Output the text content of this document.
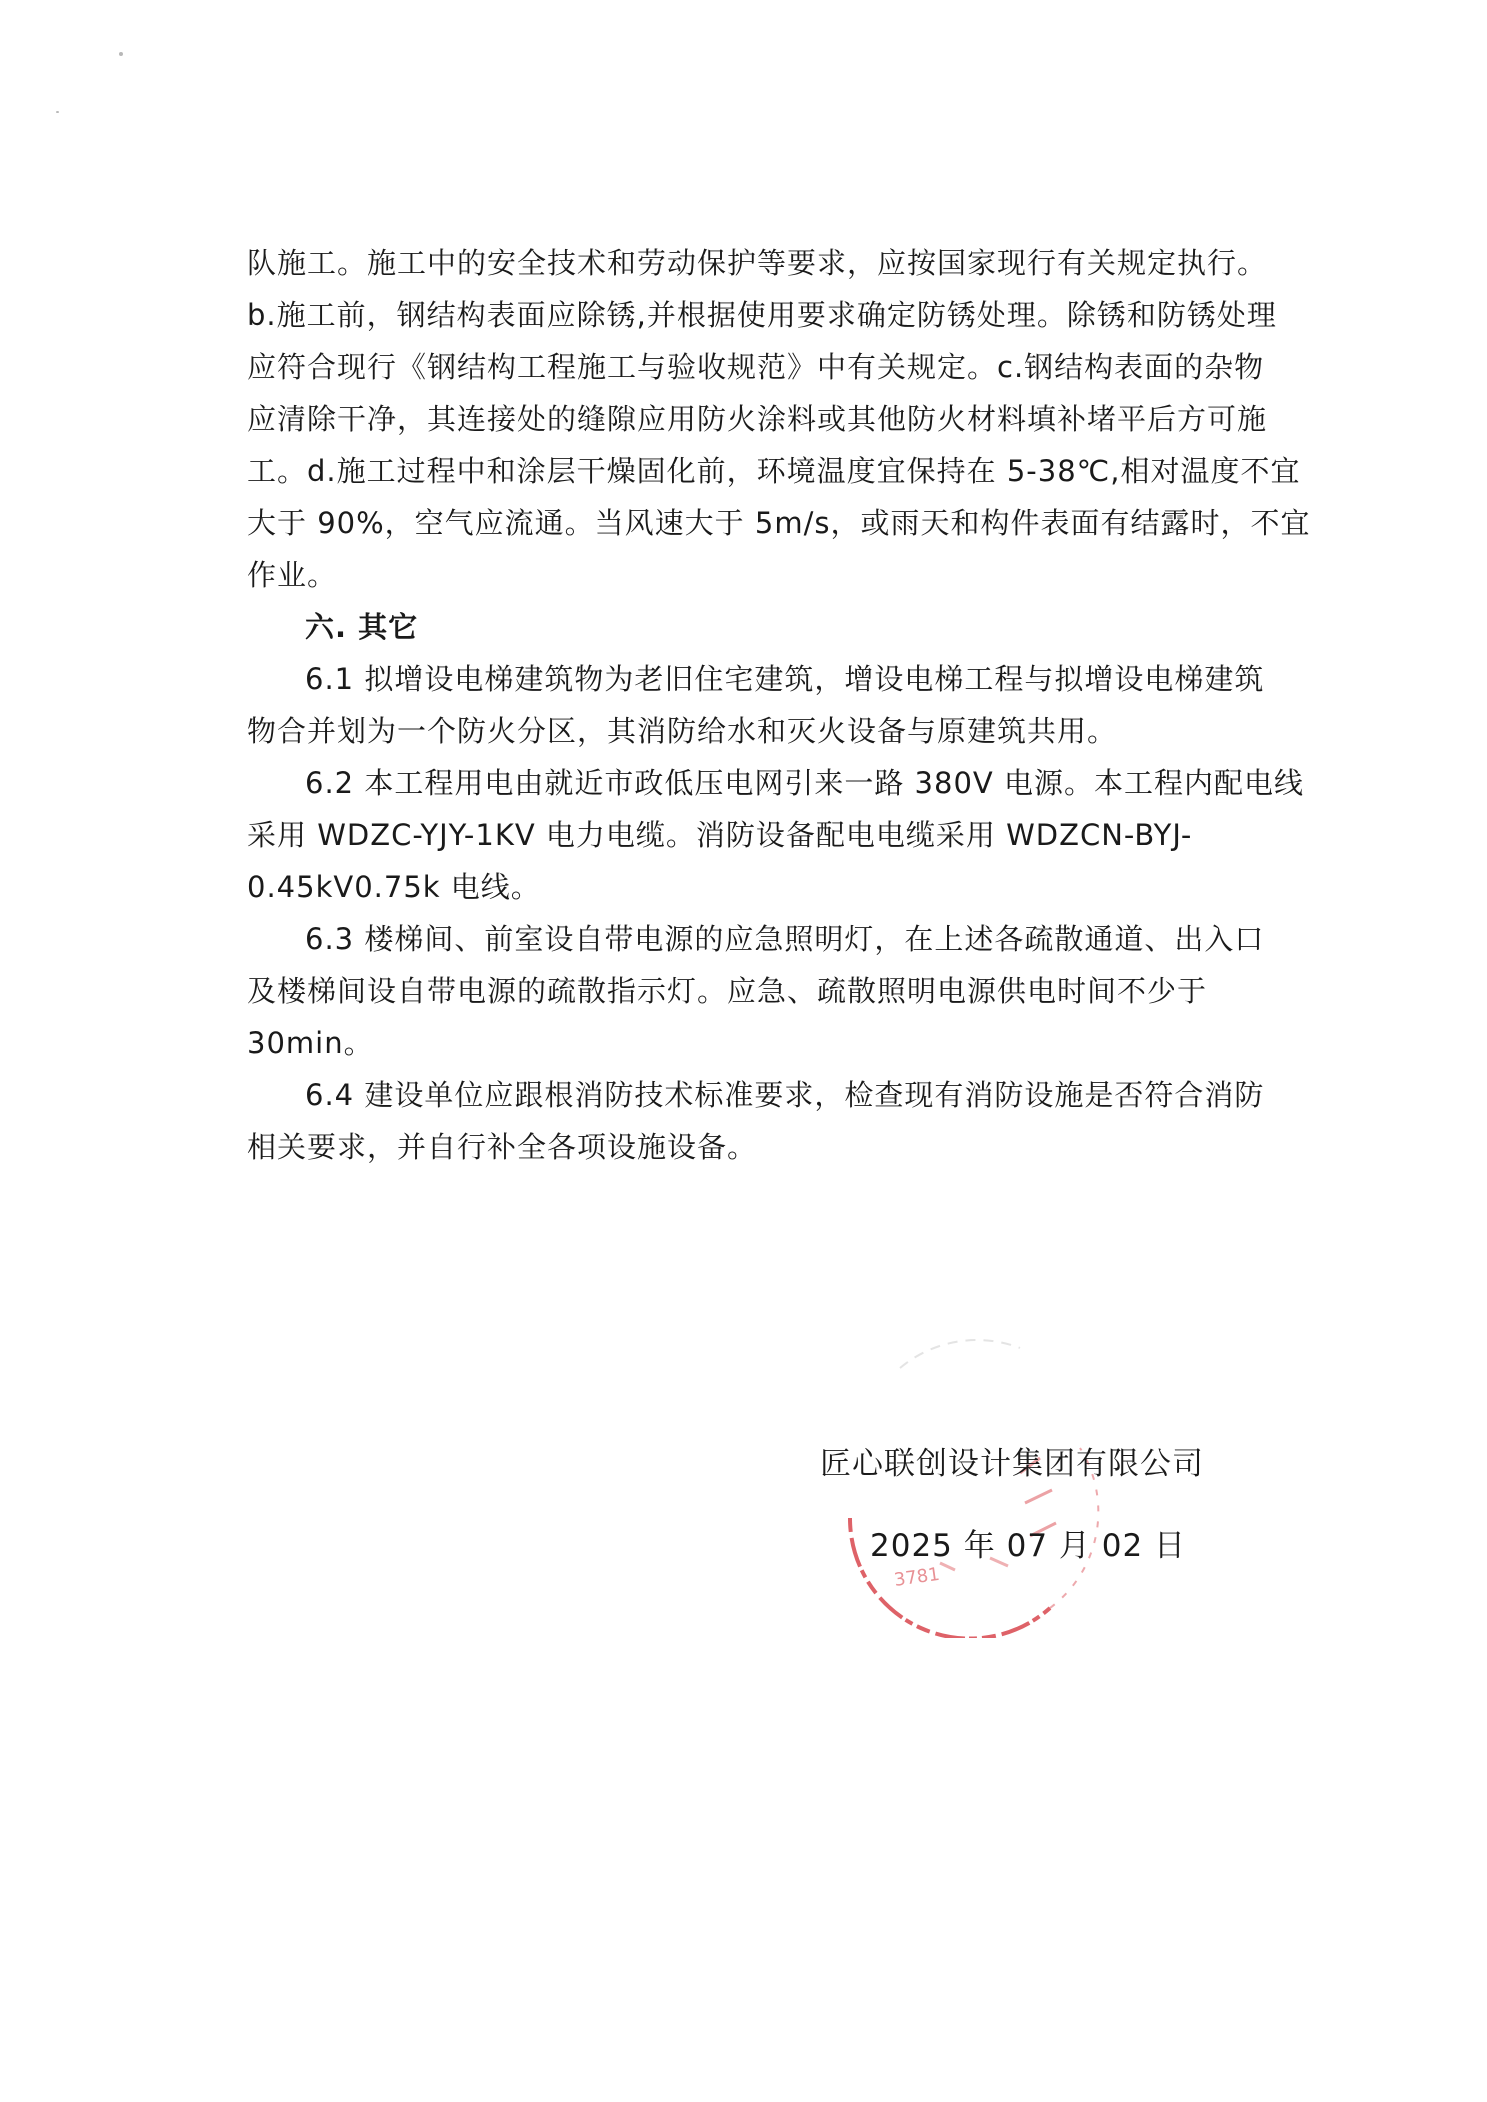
队施工。施工中的安全技术和劳动保护等要求，应按国家现行有关规定执行。
b.施工前，钢结构表面应除锈,并根据使用要求确定防锈处理。除锈和防锈处理
应符合现行《钢结构工程施工与验收规范》中有关规定。c.钢结构表面的杂物
应清除干净，其连接处的缝隙应用防火涂料或其他防火材料填补堵平后方可施
工。d.施工过程中和涂层干燥固化前，环境温度宜保持在 5-38℃,相对温度不宜
大于 90%，空气应流通。当风速大于 5m/s，或雨天和构件表面有结露时，不宜
作业。
六. 其它
6.1 拟增设电梯建筑物为老旧住宅建筑，增设电梯工程与拟增设电梯建筑
物合并划为一个防火分区，其消防给水和灭火设备与原建筑共用。
6.2 本工程用电由就近市政低压电网引来一路 380V 电源。本工程内配电线
采用 WDZC-YJY-1KV 电力电缆。消防设备配电电缆采用 WDZCN-BYJ-
0.45kV0.75k 电线。
6.3 楼梯间、前室设自带电源的应急照明灯，在上述各疏散通道、出入口
及楼梯间设自带电源的疏散指示灯。应急、疏散照明电源供电时间不少于
30min。
6.4 建设单位应跟根消防技术标准要求，检查现有消防设施是否符合消防
相关要求，并自行补全各项设施设备。
3781
匠心联创设计集团有限公司
2025 年 07 月 02 日
